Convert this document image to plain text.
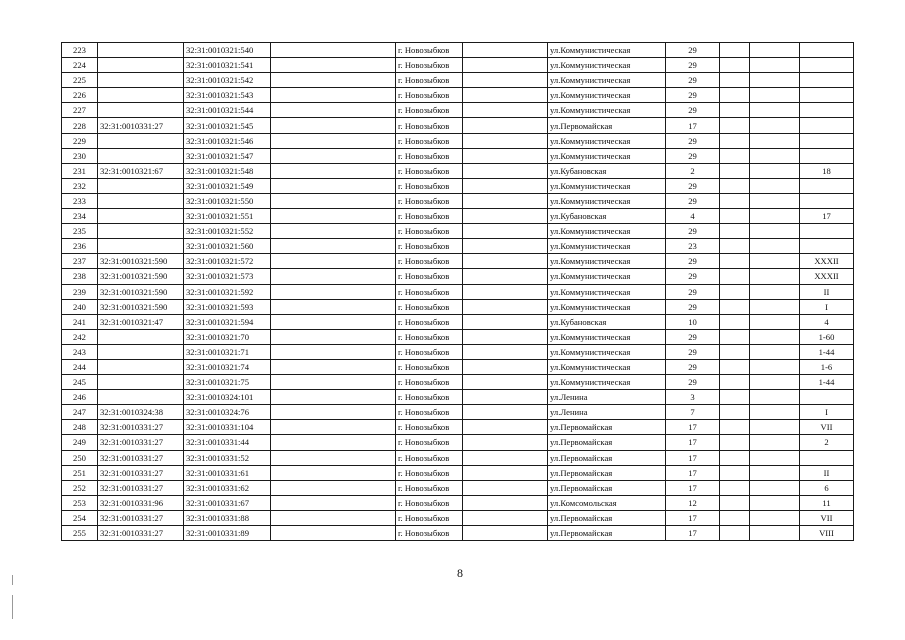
223		32:31:0010321:540		г. Новозыбков		ул.Коммунистическая	29			
224		32:31:0010321:541		г. Новозыбков		ул.Коммунистическая	29			
225		32:31:0010321:542		г. Новозыбков		ул.Коммунистическая	29			
226		32:31:0010321:543		г. Новозыбков		ул.Коммунистическая	29			
227		32:31:0010321:544		г. Новозыбков		ул.Коммунистическая	29			
228	32:31:0010331:27	32:31:0010321:545		г. Новозыбков		ул.Первомайская	17			
229		32:31:0010321:546		г. Новозыбков		ул.Коммунистическая	29			
230		32:31:0010321:547		г. Новозыбков		ул.Коммунистическая	29			
231	32:31:0010321:67	32:31:0010321:548		г. Новозыбков		ул.Кубановская	2			18
232		32:31:0010321:549		г. Новозыбков		ул.Коммунистическая	29			
233		32:31:0010321:550		г. Новозыбков		ул.Коммунистическая	29			
234		32:31:0010321:551		г. Новозыбков		ул.Кубановская	4			17
235		32:31:0010321:552		г. Новозыбков		ул.Коммунистическая	29			
236		32:31:0010321:560		г. Новозыбков		ул.Коммунистическая	23			
237	32:31:0010321:590	32:31:0010321:572		г. Новозыбков		ул.Коммунистическая	29			XXXII
238	32:31:0010321:590	32:31:0010321:573		г. Новозыбков		ул.Коммунистическая	29			XXXII
239	32:31:0010321:590	32:31:0010321:592		г. Новозыбков		ул.Коммунистическая	29			II
240	32:31:0010321:590	32:31:0010321:593		г. Новозыбков		ул.Коммунистическая	29			I
241	32:31:0010321:47	32:31:0010321:594		г. Новозыбков		ул.Кубановская	10			4
242		32:31:0010321:70		г. Новозыбков		ул.Коммунистическая	29			1-60
243		32:31:0010321:71		г. Новозыбков		ул.Коммунистическая	29			1-44
244		32:31:0010321:74		г. Новозыбков		ул.Коммунистическая	29			1-6
245		32:31:0010321:75		г. Новозыбков		ул.Коммунистическая	29			1-44
246		32:31:0010324:101		г. Новозыбков		ул.Ленина	3			
247	32:31:0010324:38	32:31:0010324:76		г. Новозыбков		ул.Ленина	7			I
248	32:31:0010331:27	32:31:0010331:104		г. Новозыбков		ул.Первомайская	17			VII
249	32:31:0010331:27	32:31:0010331:44		г. Новозыбков		ул.Первомайская	17			2
250	32:31:0010331:27	32:31:0010331:52		г. Новозыбков		ул.Первомайская	17			
251	32:31:0010331:27	32:31:0010331:61		г. Новозыбков		ул.Первомайская	17			II
252	32:31:0010331:27	32:31:0010331:62		г. Новозыбков		ул.Первомайская	17			6
253	32:31:0010331:96	32:31:0010331:67		г. Новозыбков		ул.Комсомольская	12			11
254	32:31:0010331:27	32:31:0010331:88		г. Новозыбков		ул.Первомайская	17			VII
255	32:31:0010331:27	32:31:0010331:89		г. Новозыбков		ул.Первомайская	17			VIII
8
